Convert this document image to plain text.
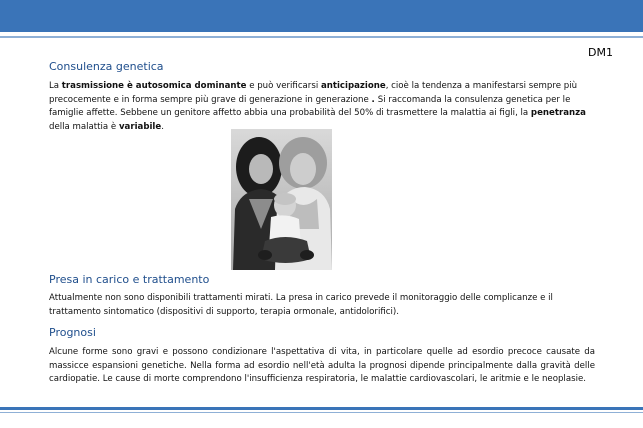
DM1
Consulenza genetica

La trasmissione è autosomica dominante e può verificarsi anticipazione, cioè la tendenza a manifestarsi sempre più precocemente e in forma sempre più grave di generazione in generazione . Si raccomanda la consulenza genetica per le famiglie affette. Sebbene un genitore affetto abbia una probabilità del 50% di trasmettere la malattia ai figli, la penetranza della malattia è variabile.

Presa in carico e trattamento

Attualmente non sono disponibili trattamenti mirati. La presa in carico prevede il monitoraggio delle complicanze e il trattamento sintomatico (dispositivi di supporto, terapia ormonale, antidolorifici).

Prognosi

Alcune forme sono gravi e possono condizionare l'aspettativa di vita, in particolare quelle ad esordio precoce causate da massicce espansioni genetiche. Nella forma ad esordio nell'età adulta la prognosi dipende principalmente dalla gravità delle cardiopatie. Le cause di morte comprendono l'insufficienza respiratoria, le malattie cardiovascolari, le aritmie e le neoplasie.
